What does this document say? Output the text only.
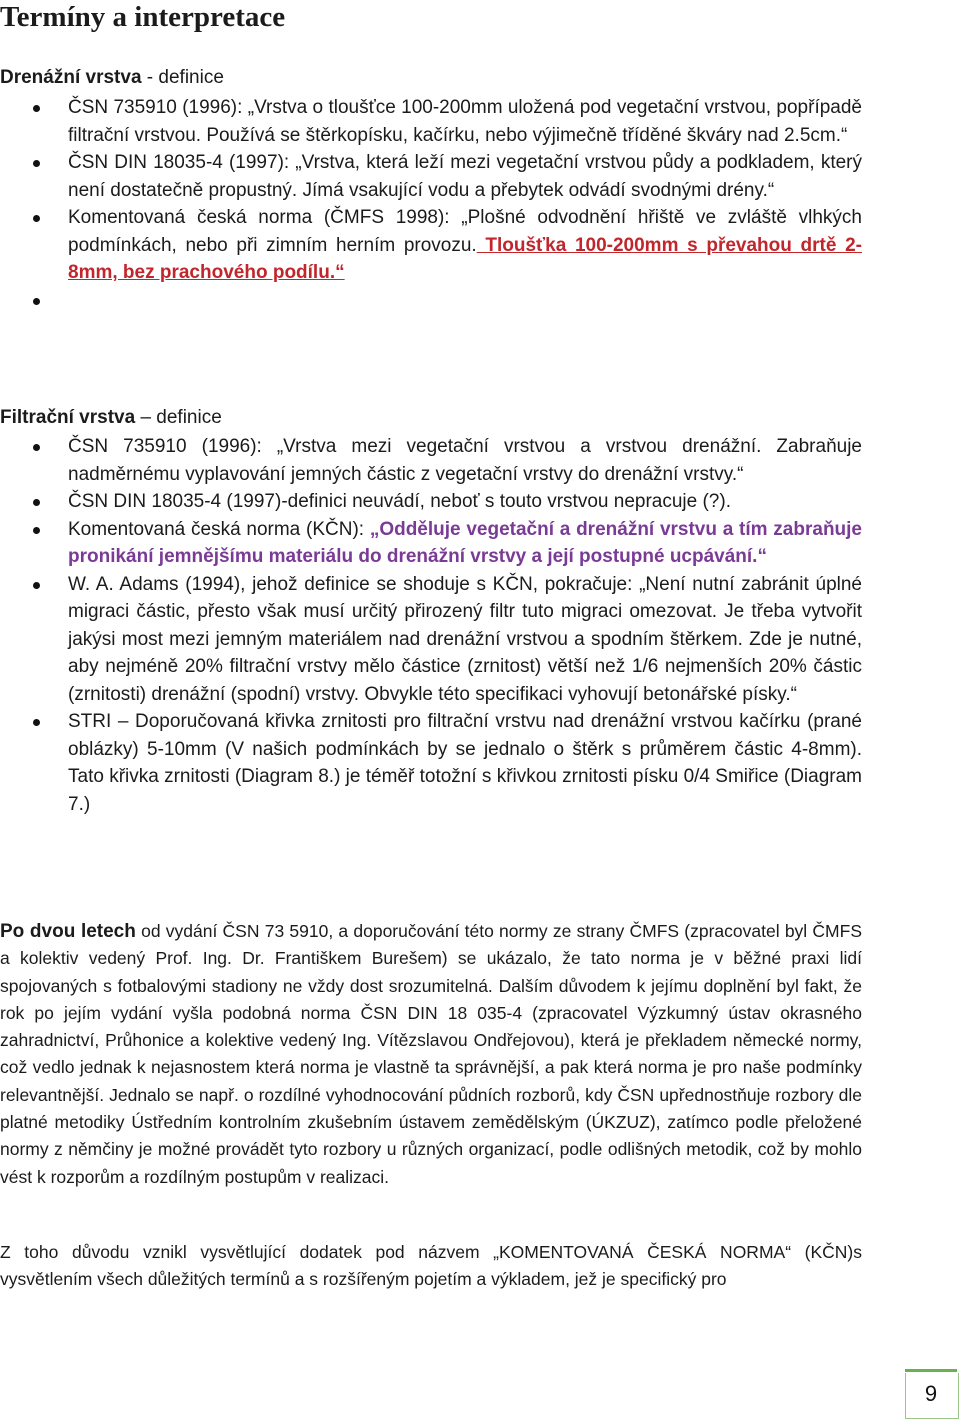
Termíny a interpretace

Drenážní vrstva - definice

ČSN 735910 (1996): „Vrstva o tloušťce 100-200mm uložená pod vegetační vrstvou, popřípadě filtrační vrstvou. Používá se štěrkopísku, kačírku, nebo výjimečně tříděné škváry nad 2.5cm.“
ČSN DIN 18035-4 (1997): „Vrstva, která leží mezi vegetační vrstvou půdy a podkladem, který není dostatečně propustný. Jímá vsakující vodu a přebytek odvádí svodnými drény.“
Komentovaná česká norma (ČMFS 1998): „Plošné odvodnění hřiště ve zvláště vlhkých podmínkách, nebo při zimním herním provozu. Tloušťka 100-200mm s převahou drtě 2-8mm, bez prachového podílu.“

Filtrační vrstva – definice

ČSN 735910 (1996): „Vrstva mezi vegetační vrstvou a vrstvou drenážní. Zabraňuje nadměrnému vyplavování jemných částic z vegetační vrstvy do drenážní vrstvy.“
ČSN DIN 18035-4 (1997)-definici neuvádí, neboť s touto vrstvou nepracuje (?).
Komentovaná česká norma (KČN): „Odděluje vegetační a drenážní vrstvu a tím zabraňuje pronikání jemnějšímu materiálu do drenážní vrstvy a její postupné ucpávání.“
W. A. Adams (1994), jehož definice se shoduje s KČN, pokračuje: „Není nutní zabránit úplné migraci částic, přesto však musí určitý přirozený filtr tuto migraci omezovat. Je třeba vytvořit jakýsi most mezi jemným materiálem nad drenážní vrstvou a spodním štěrkem. Zde je nutné, aby nejméně 20% filtrační vrstvy mělo částice (zrnitost) větší než 1/6 nejmenších 20% částic (zrnitosti) drenážní (spodní) vrstvy. Obvykle této specifikaci vyhovují betonářské písky.“
STRI – Doporučovaná křivka zrnitosti pro filtrační vrstvu nad drenážní vrstvou kačírku (prané oblázky) 5-10mm (V našich podmínkách by se jednalo o štěrk s průměrem částic 4-8mm). Tato křivka zrnitosti (Diagram 8.) je téměř totožní s křivkou zrnitosti písku 0/4 Smiřice (Diagram 7.)

Po dvou letech od vydání ČSN 73 5910, a doporučování této normy ze strany ČMFS (zpracovatel byl ČMFS a kolektiv vedený Prof. Ing. Dr. Františkem Burešem) se ukázalo, že tato norma je v běžné praxi lidí spojovaných s fotbalovými stadiony ne vždy dost srozumitelná. Dalším důvodem k jejímu doplnění byl fakt, že rok po jejím vydání vyšla podobná norma ČSN DIN 18 035-4 (zpracovatel Výzkumný ústav okrasného zahradnictví, Průhonice a kolektive vedený Ing. Vítězslavou Ondřejovou), která je překladem německé normy, což vedlo jednak k nejasnostem která norma je vlastně ta správnější, a pak která norma je pro naše podmínky relevantnější. Jednalo se např. o rozdílné vyhodnocování půdních rozborů, kdy ČSN upřednostňuje rozbory dle platné metodiky Ústředním kontrolním zkušebním ústavem zemědělským (ÚKZUZ), zatímco podle přeložené normy z němčiny je možné provádět tyto rozbory u různých organizací, podle odlišných metodik, což by mohlo vést k rozporům a rozdílným postupům v realizaci.

Z toho důvodu vznikl vysvětlující dodatek pod názvem „KOMENTOVANÁ ČESKÁ NORMA“ (KČN)s vysvětlením všech důležitých termínů a s rozšířeným pojetím a výkladem, jež je specifický pro

9
